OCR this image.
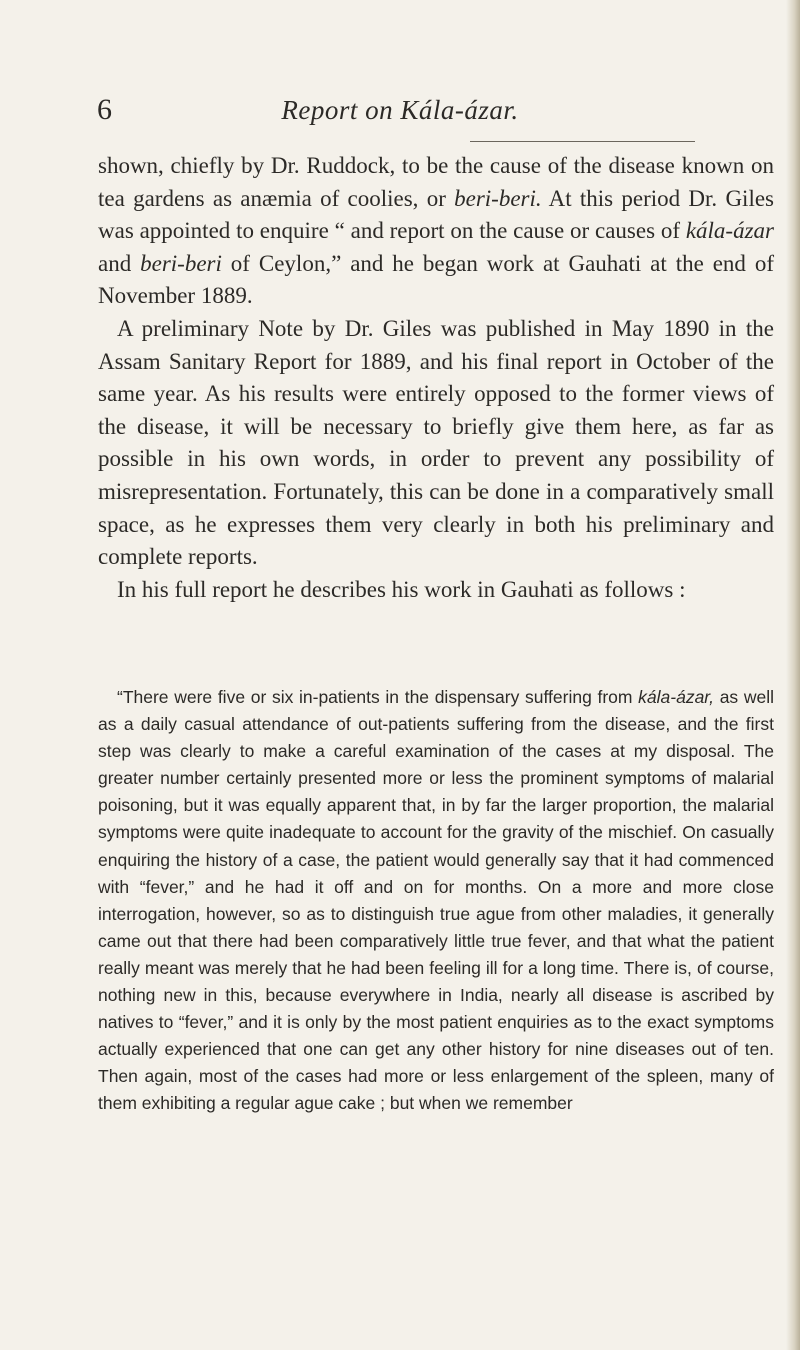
6	Report on Kála-ázar.

shown, chiefly by Dr. Ruddock, to be the cause of the disease known on tea gardens as anæmia of coolies, or beri-beri. At this period Dr. Giles was appointed to enquire “ and report on the cause or causes of kála-ázar and beri-beri of Ceylon,” and he began work at Gauhati at the end of November 1889.

A preliminary Note by Dr. Giles was published in May 1890 in the Assam Sanitary Report for 1889, and his final report in October of the same year. As his results were entirely opposed to the former views of the disease, it will be necessary to briefly give them here, as far as possible in his own words, in order to prevent any possibility of misrepresentation. Fortunately, this can be done in a comparatively small space, as he expresses them very clearly in both his preliminary and complete reports.

In his full report he describes his work in Gauhati as follows :

“There were five or six in-patients in the dispensary suffering from kála-ázar, as well as a daily casual attendance of out-patients suffering from the disease, and the first step was clearly to make a careful examination of the cases at my disposal. The greater number certainly presented more or less the prominent symptoms of malarial poisoning, but it was equally apparent that, in by far the larger proportion, the malarial symptoms were quite inadequate to account for the gravity of the mischief. On casually enquiring the history of a case, the patient would generally say that it had commenced with “fever,” and he had it off and on for months. On a more and more close interrogation, however, so as to distinguish true ague from other maladies, it generally came out that there had been comparatively little true fever, and that what the patient really meant was merely that he had been feeling ill for a long time. There is, of course, nothing new in this, because everywhere in India, nearly all disease is ascribed by natives to “fever,” and it is only by the most patient enquiries as to the exact symptoms actually experienced that one can get any other history for nine diseases out of ten. Then again, most of the cases had more or less enlargement of the spleen, many of them exhibiting a regular ague cake ; but when we remember
